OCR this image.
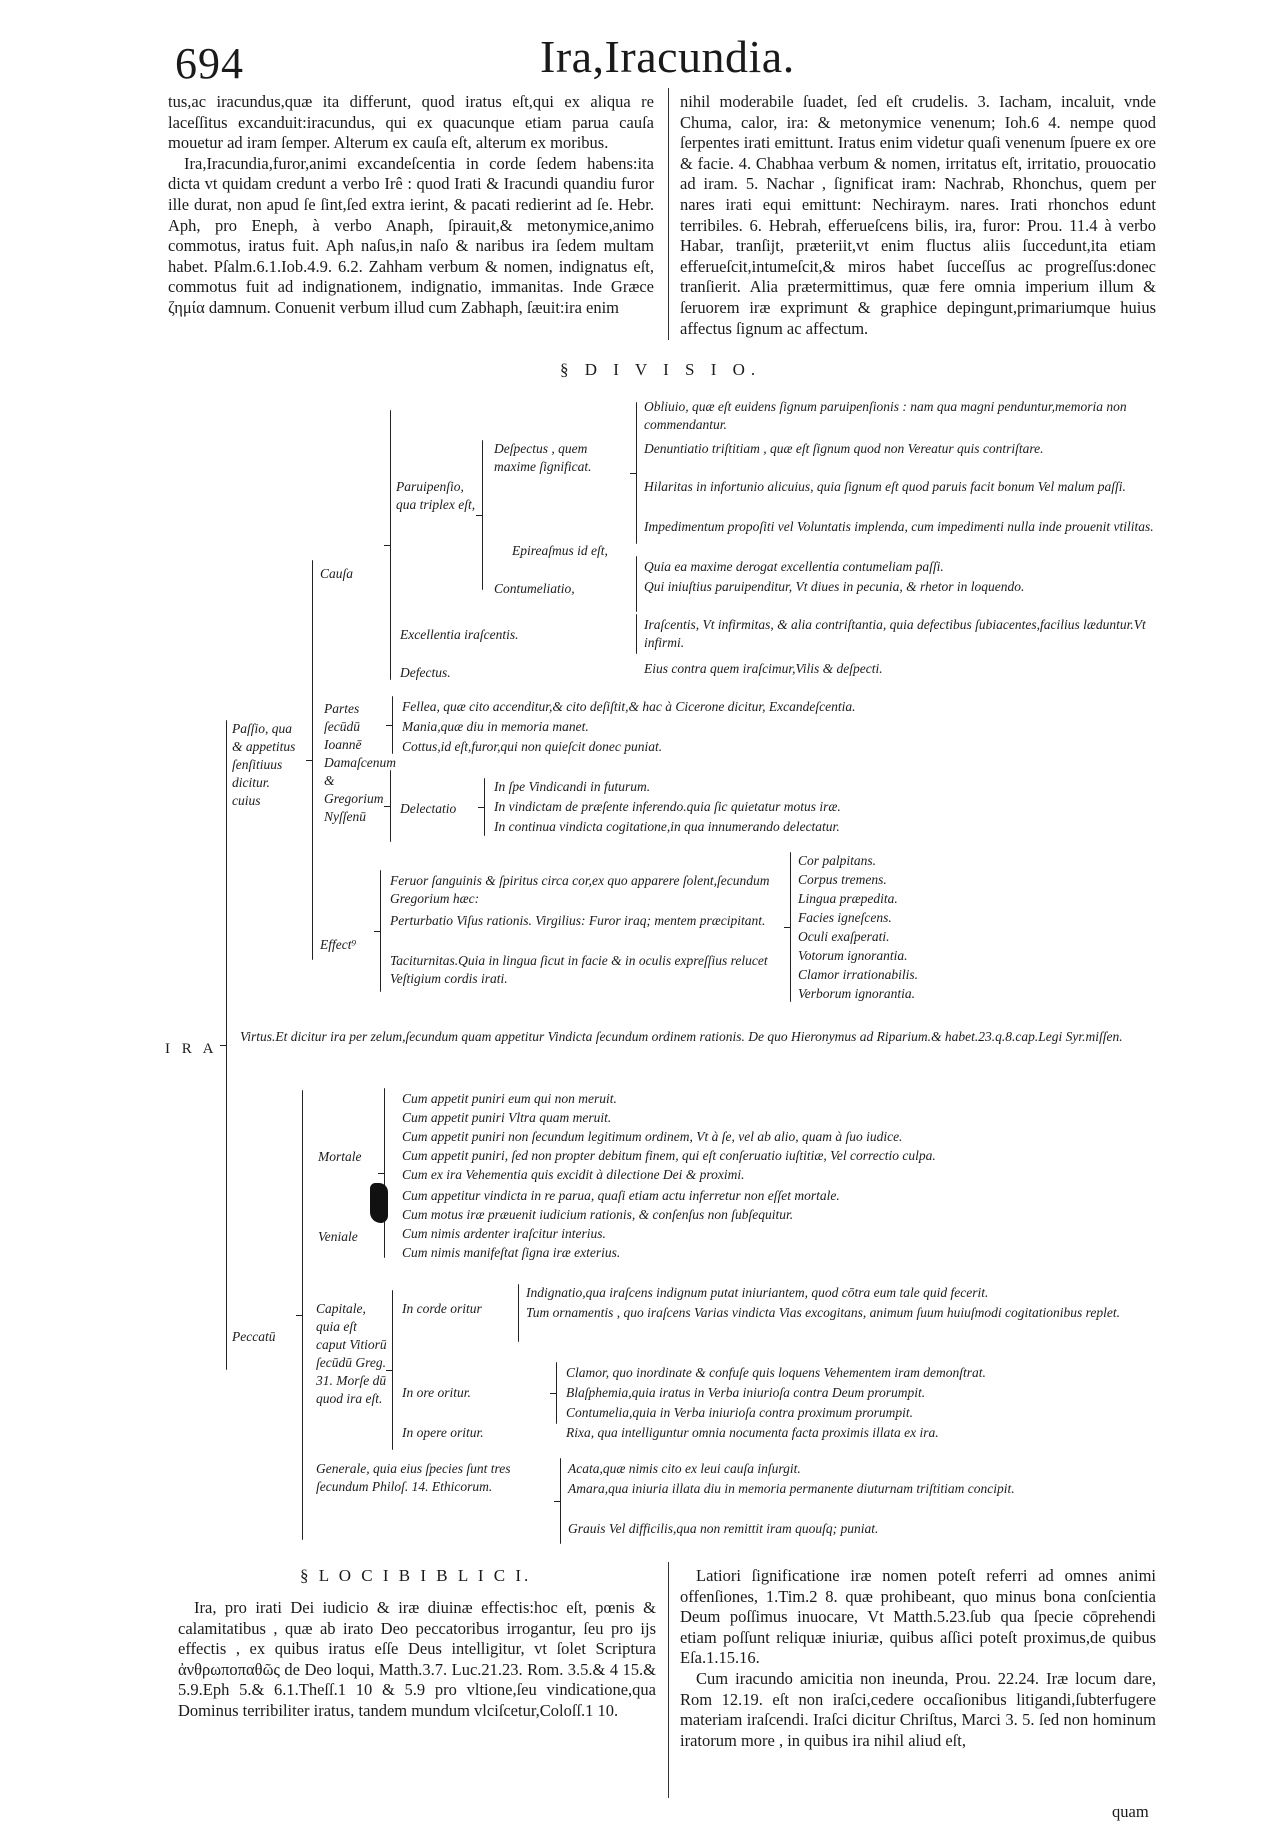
694	Ira,Iracundia.

tus,ac iracundus,quæ ita differunt, quod iratus eſt,qui ex aliqua re laceſſitus excanduit:iracundus, qui ex quacunque etiam parua cauſa mouetur ad iram ſemper. Alterum ex cauſa eſt, alterum ex moribus.

Ira,Iracundia,furor,animi excandeſcentia in corde ſedem habens:ita dicta vt quidam credunt a verbo Irê : quod Irati & Iracundi quandiu furor ille durat, non apud ſe ſint,ſed extra ierint, & pacati redierint ad ſe. Hebr. Aph, pro Eneph, à verbo Anaph, ſpirauit,& metonymice,animo commotus, iratus fuit. Aph naſus,in naſo & naribus ira ſedem multam habet. Pſalm.6.1.Iob.4.9. 6.2. Zahham verbum & nomen, indignatus eſt, commotus fuit ad indignationem, indignatio, immanitas. Inde Græce ζημία damnum. Conuenit verbum illud cum Zabhaph, ſæuit:ira enim

nihil moderabile ſuadet, ſed eſt crudelis. 3. Iacham, incaluit, vnde Chuma, calor, ira: & metonymice venenum; Ioh.6 4. nempe quod ſerpentes irati emittunt. Iratus enim videtur quaſi venenum ſpuere ex ore & facie. 4. Chabhaa verbum & nomen, irritatus eſt, irritatio, prouocatio ad iram. 5. Nachar , ſignificat iram: Nachrab, Rhonchus, quem per nares irati equi emittunt: Nechiraym. nares. Irati rhonchos edunt terribiles. 6. Hebrah, efferueſcens bilis, ira, furor: Prou. 11.4 à verbo Habar, tranſijt, præteriit,vt enim fluctus aliis ſuccedunt,ita etiam efferueſcit,intumeſcit,& miros habet ſucceſſus ac progreſſus:donec tranſierit. Alia prætermittimus, quæ fere omnia imperium illum & ſeruorem iræ exprimunt & graphice depingunt,primariumque huius affectus ſignum ac affectum.

§ D I V I S I O.
I R A
Paſſio, qua & appetitus ſenſitiuus dicitur. cuius
Cauſa
Paruipenſio, qua triplex eſt,
Deſpectus , quem maxime ſignificat.
Obliuio, quæ eſt euidens ſignum paruipenſionis : nam qua magni penduntur,memoria non commendantur.
Denuntiatio triſtitiam , quæ eſt ſignum quod non Vereatur quis contriſtare.
Hilaritas in infortunio alicuius, quia ſignum eſt quod paruis facit bonum Vel malum paſſi.
Impedimentum propoſiti vel Voluntatis implenda, cum impedimenti nulla inde prouenit vtilitas.
Epireaſmus id eſt,
Contumeliatio,
Quia ea maxime derogat excellentia contumeliam paſſi.
Qui iniuſtius paruipenditur, Vt diues in pecunia, & rhetor in loquendo.
Excellentia iraſcentis.
Iraſcentis, Vt infirmitas, & alia contriſtantia, quia defectibus ſubiacentes,facilius læduntur.Vt infirmi.
Defectus.	Eius contra quem iraſcimur,Vilis & deſpecti.
Partes ſecūdū Ioannē Damaſcenum & Gregorium Nyſſenū
Fellea, quæ cito accenditur,& cito deſiſtit,& hac à Cicerone dicitur, Excandeſcentia.
Mania,quæ diu in memoria manet.
Cottus,id eſt,furor,qui non quieſcit donec puniat.
Delectatio
In ſpe Vindicandi in futurum.
In vindictam de præſente inferendo.quia ſic quietatur motus iræ.
In continua vindicta cogitatione,in qua innumerando delectatur.
Effect⁹
Feruor ſanguinis & ſpiritus circa cor,ex quo apparere ſolent,ſecundum Gregorium hæc:
Perturbatio Viſus rationis. Virgilius: Furor iraq; mentem præcipitant.
Taciturnitas.Quia in lingua ſicut in facie & in oculis expreſſius relucet Veſtigium cordis irati.
Cor palpitans.
Corpus tremens.
Lingua præpedita.
Facies igneſcens.
Oculi exaſperati.
Votorum ignorantia.
Clamor irrationabilis.
Verborum ignorantia.
Virtus.Et dicitur ira per zelum,ſecundum quam appetitur Vindicta ſecundum ordinem rationis. De quo Hieronymus ad Riparium.& habet.23.q.8.cap.Legi Syr.miſſen.
Peccatū
Mortale
Veniale
Cum appetit puniri eum qui non meruit.
Cum appetit puniri Vltra quam meruit.
Cum appetit puniri non ſecundum legitimum ordinem, Vt à ſe, vel ab alio, quam à ſuo iudice.
Cum appetit puniri, ſed non propter debitum finem, qui eſt conſeruatio iuſtitiæ, Vel correctio culpa.
Cum ex ira Vehementia quis excidit à dilectione Dei & proximi.
Cum appetitur vindicta in re parua, quaſi etiam actu inferretur non eſſet mortale.
Cum motus iræ præuenit iudicium rationis, & conſenſus non ſubſequitur.
Cum nimis ardenter iraſcitur interius.
Cum nimis manifeſtat ſigna iræ exterius.
Capitale, quia eſt caput Vitiorū ſecūdū Greg. 31. Morſe dū quod ira eſt.
In corde oritur
Indignatio,qua iraſcens indignum putat iniuriantem, quod cōtra eum tale quid fecerit.
Tum ornamentis , quo iraſcens Varias vindicta Vias excogitans, animum ſuum huiuſmodi cogitationibus replet.
In ore oritur.
Clamor, quo inordinate & confuſe quis loquens Vehementem iram demonſtrat.
Blaſphemia,quia iratus in Verba iniurioſa contra Deum prorumpit.
Contumelia,quia in Verba iniurioſa contra proximum prorumpit.
In opere oritur.	Rixa, qua intelliguntur omnia nocumenta facta proximis illata ex ira.
Generale, quia eius ſpecies ſunt tres ſecundum Philoſ. 14. Ethicorum.
Acata,quæ nimis cito ex leui cauſa inſurgit.
Amara,qua iniuria illata diu in memoria permanente diuturnam triſtitiam concipit.
Grauis Vel difficilis,qua non remittit iram quouſq; puniat.
§ L O C I B I B L I C I.

Ira, pro irati Dei iudicio & iræ diuinæ effectis:hoc eſt, pœnis & calamitatibus , quæ ab irato Deo peccatoribus irrogantur, ſeu pro ijs effectis , ex quibus iratus eſſe Deus intelligitur, vt ſolet Scriptura ἀνθρωποπαθῶς de Deo loqui, Matth.3.7. Luc.21.23. Rom. 3.5.& 4 15.& 5.9.Eph 5.& 6.1.Theſſ.1 10 & 5.9 pro vltione,ſeu vindicatione,qua Dominus terribiliter iratus, tandem mundum vlciſcetur,Coloſſ.1 10.

Latiori ſignificatione iræ nomen poteſt referri ad omnes animi offenſiones, 1.Tim.2 8. quæ prohibeant, quo minus bona conſcientia Deum poſſimus inuocare, Vt Matth.5.23.ſub qua ſpecie cōprehendi etiam poſſunt reliquæ iniuriæ, quibus aſſici poteſt proximus,de quibus Eſa.1.15.16.

Cum iracundo amicitia non ineunda, Prou. 22.24. Iræ locum dare, Rom 12.19. eſt non iraſci,cedere occaſionibus litigandi,ſubterfugere materiam iraſcendi. Iraſci dicitur Chriſtus, Marci 3. 5. ſed non hominum iratorum more , in quibus ira nihil aliud eſt,

quam
